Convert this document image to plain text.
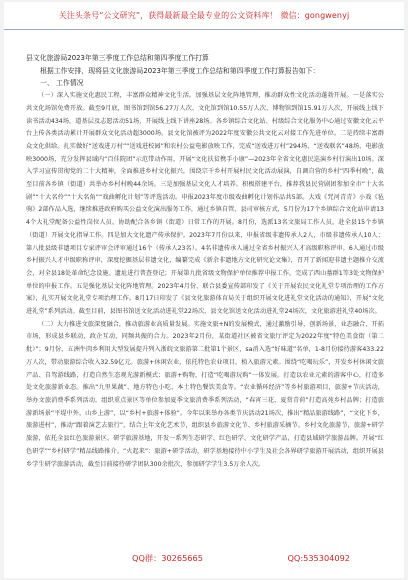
关注头条号“公文研究”，获得最新最全最专业的公文资料库！ 微信：gongwenyj
县文化旅游局2023年第三季度工作总结和第四季度工作打算
根据工作安排，现将县文化旅游局2023年第三季度工作总结和第四季度工作打算报告如下：
一、 工作情况

（一）深入实施文化惠民工程，丰富群众精神文化生活。加强基层文化阵地管理，推动群众性文化活动蓬勃开展。一是落实公共文化场馆免费开放。截至9月底，图书馆到馆56.27万人次、文化馆到馆10.55万人次、博物馆到馆15.91万人次，开展线上线下读书活动434场，道基层及志愿活动51场，开展线上线下讲座28场。各乡镇综合文化站、村级综合文化服务中心通过安徽文化云平台上传各类活动累计开展群众文化活动超3000场。县文化馆被评为2022年度安徽公共文化云对接工作先进单位。二是持续丰富群众文化供给。扎实做好“送戏进万村”“送戏进校园”和农村公益电影放映工作，完成“送戏进万村”294场、“送戏联名”48场、电影放映3000场，充分发挥县域内“百佳院团”示范带动作用，开展“文化扶贫携手小康”—2023年全省文化惠民巡演乡村行演出10场。深入学习宣传贯彻党的二十大精神，全面推进乡村文化振兴，围绕宗千乡村开展村民文化活动展演，自调自营的乡村“四季村晚”，截至目前各乡镇（街道）共举办乡村村晚44余场。三是加强基层文化人才培养。积极搭建平台，推荐我县民营剧团参加全市“十大名剧”“十大名伶”“十大名角”“戏曲孵化计划”等评选活动。申报2023年度市级戏曲孵化计划作品共5部。大戏《咒河青青》小戏《毡驹》2部作品入选，继续推进政府购买公益文化演出服务工作，通过乡镇自管、县司审核方式，5月份为17个乡镇综合文化站申请134个大礼堂配备公益性岗位人员，协助配合各乡镇（街道）日常工作的开展。8月份，选派13名文旅局工作人员，赴全县15个乡镇（街道）开展文化指导工作。四是加大文化遗产传承保护。2023年7月份以来，申报省级非遗传承人2人，市级非遗传承人10人；第八批县级非遗项目专家评审会评审通过16个（传承人23名）。4名非遗传承人通过全省乡村振兴人才高级职称评审。6人通过市级乡村振兴人才中级职称评审，深度挖掘基层非遗文化，编纂完成《新余非遗地方文化研究论文集》，召开了新闻迎非遗主题推介交流会，对全县18处革命纪念设施、遗址进行普查登记；开展第九批省级文物保护单位推荐申报工作，完成了西山墓群1等3处文物保护单位的申报工作。五是强化基层文化阵地管理。2023年4月份，联合县委宣传部印发了《关于开展农民文化礼堂专项治理的工作方案》，扎实开展文化礼堂专项治理工作。8月17日印发了《县文化旅游体育局关于组织开展文化进礼堂文化活动的通知》，开展“文化进礼堂”系列活动。截至目前，县图书馆送文化活动进礼堂22场次，县文化馆送文化活动进礼堂24场次，文化旅游进礼堂40场次。

（二）大力推进文旅深度融合，推动旅游业高质量发展。实施文旅+N的发展模式，通过激励引导，创新场景、业态融合、开拓市场，形成县乡联动、政企互动、同频共振的合力。2023年2月份，某街道社区被省文旅厅评定为2022年度“特色美食街（第二批）”；9月份，五洲牛肉乡利用大型发展提升列入浙皖文旅游第二批第1个景区，sa消入选“好味道”名单，1-8月份接待游客433.22万人次，带动旅游综合收入32.59亿元。旅游+休闲农业，依托特色农业项目，植入旅游元素。围绕“吃喝玩乐”，开发乡村休闲文旅产品、自驾游线路，打造自然生态观光游新模式；旅游+购物，打造“吃喝游玩购”一体发展。打造以农业元素的游客中心，打造多处文化旅游新业态。推出“九里果蔬”、地方特色小吃、本土特色餐饮美食等。“农业循环经济”等乡村旅游项目，旅游+节庆活动，举办文旅消费季系列活动，组织重点景区等单位参加夏季文旅消费季系列活动，“春宵三花，夏赏青荷”打造高苑乡村品牌；打造旅游新场景“平堤中外，山乡上游”，以“乡村+旅游+体验”。今年以来举办各类节庆活动21场次，推出“精品旅游线路”，“文化下乡，旅游进村”，推动“跟着演艺去旅行”，结合上年文化艺术节，组织县乡旅游文化节、乡村旅游采摘节。乡村文化旅游节，旅游+研学旅游，依托全县红色旅游景区、研学旅游基地，开发一系列生态研学、红色研学、文化研学产品，打造县域研学旅游品牌。开展“红色研学”“乡村研学”精品线路推介。“火起来”：旅游+研学活动，研学基地接待中小学生及社会各界研学旅游开展活动，组织开展县乡学生研学旅游活动，截至目前接待研学团队300余批次，参加研学学生3.5万余人次。

QQ群：30265665	QQ:535304092
